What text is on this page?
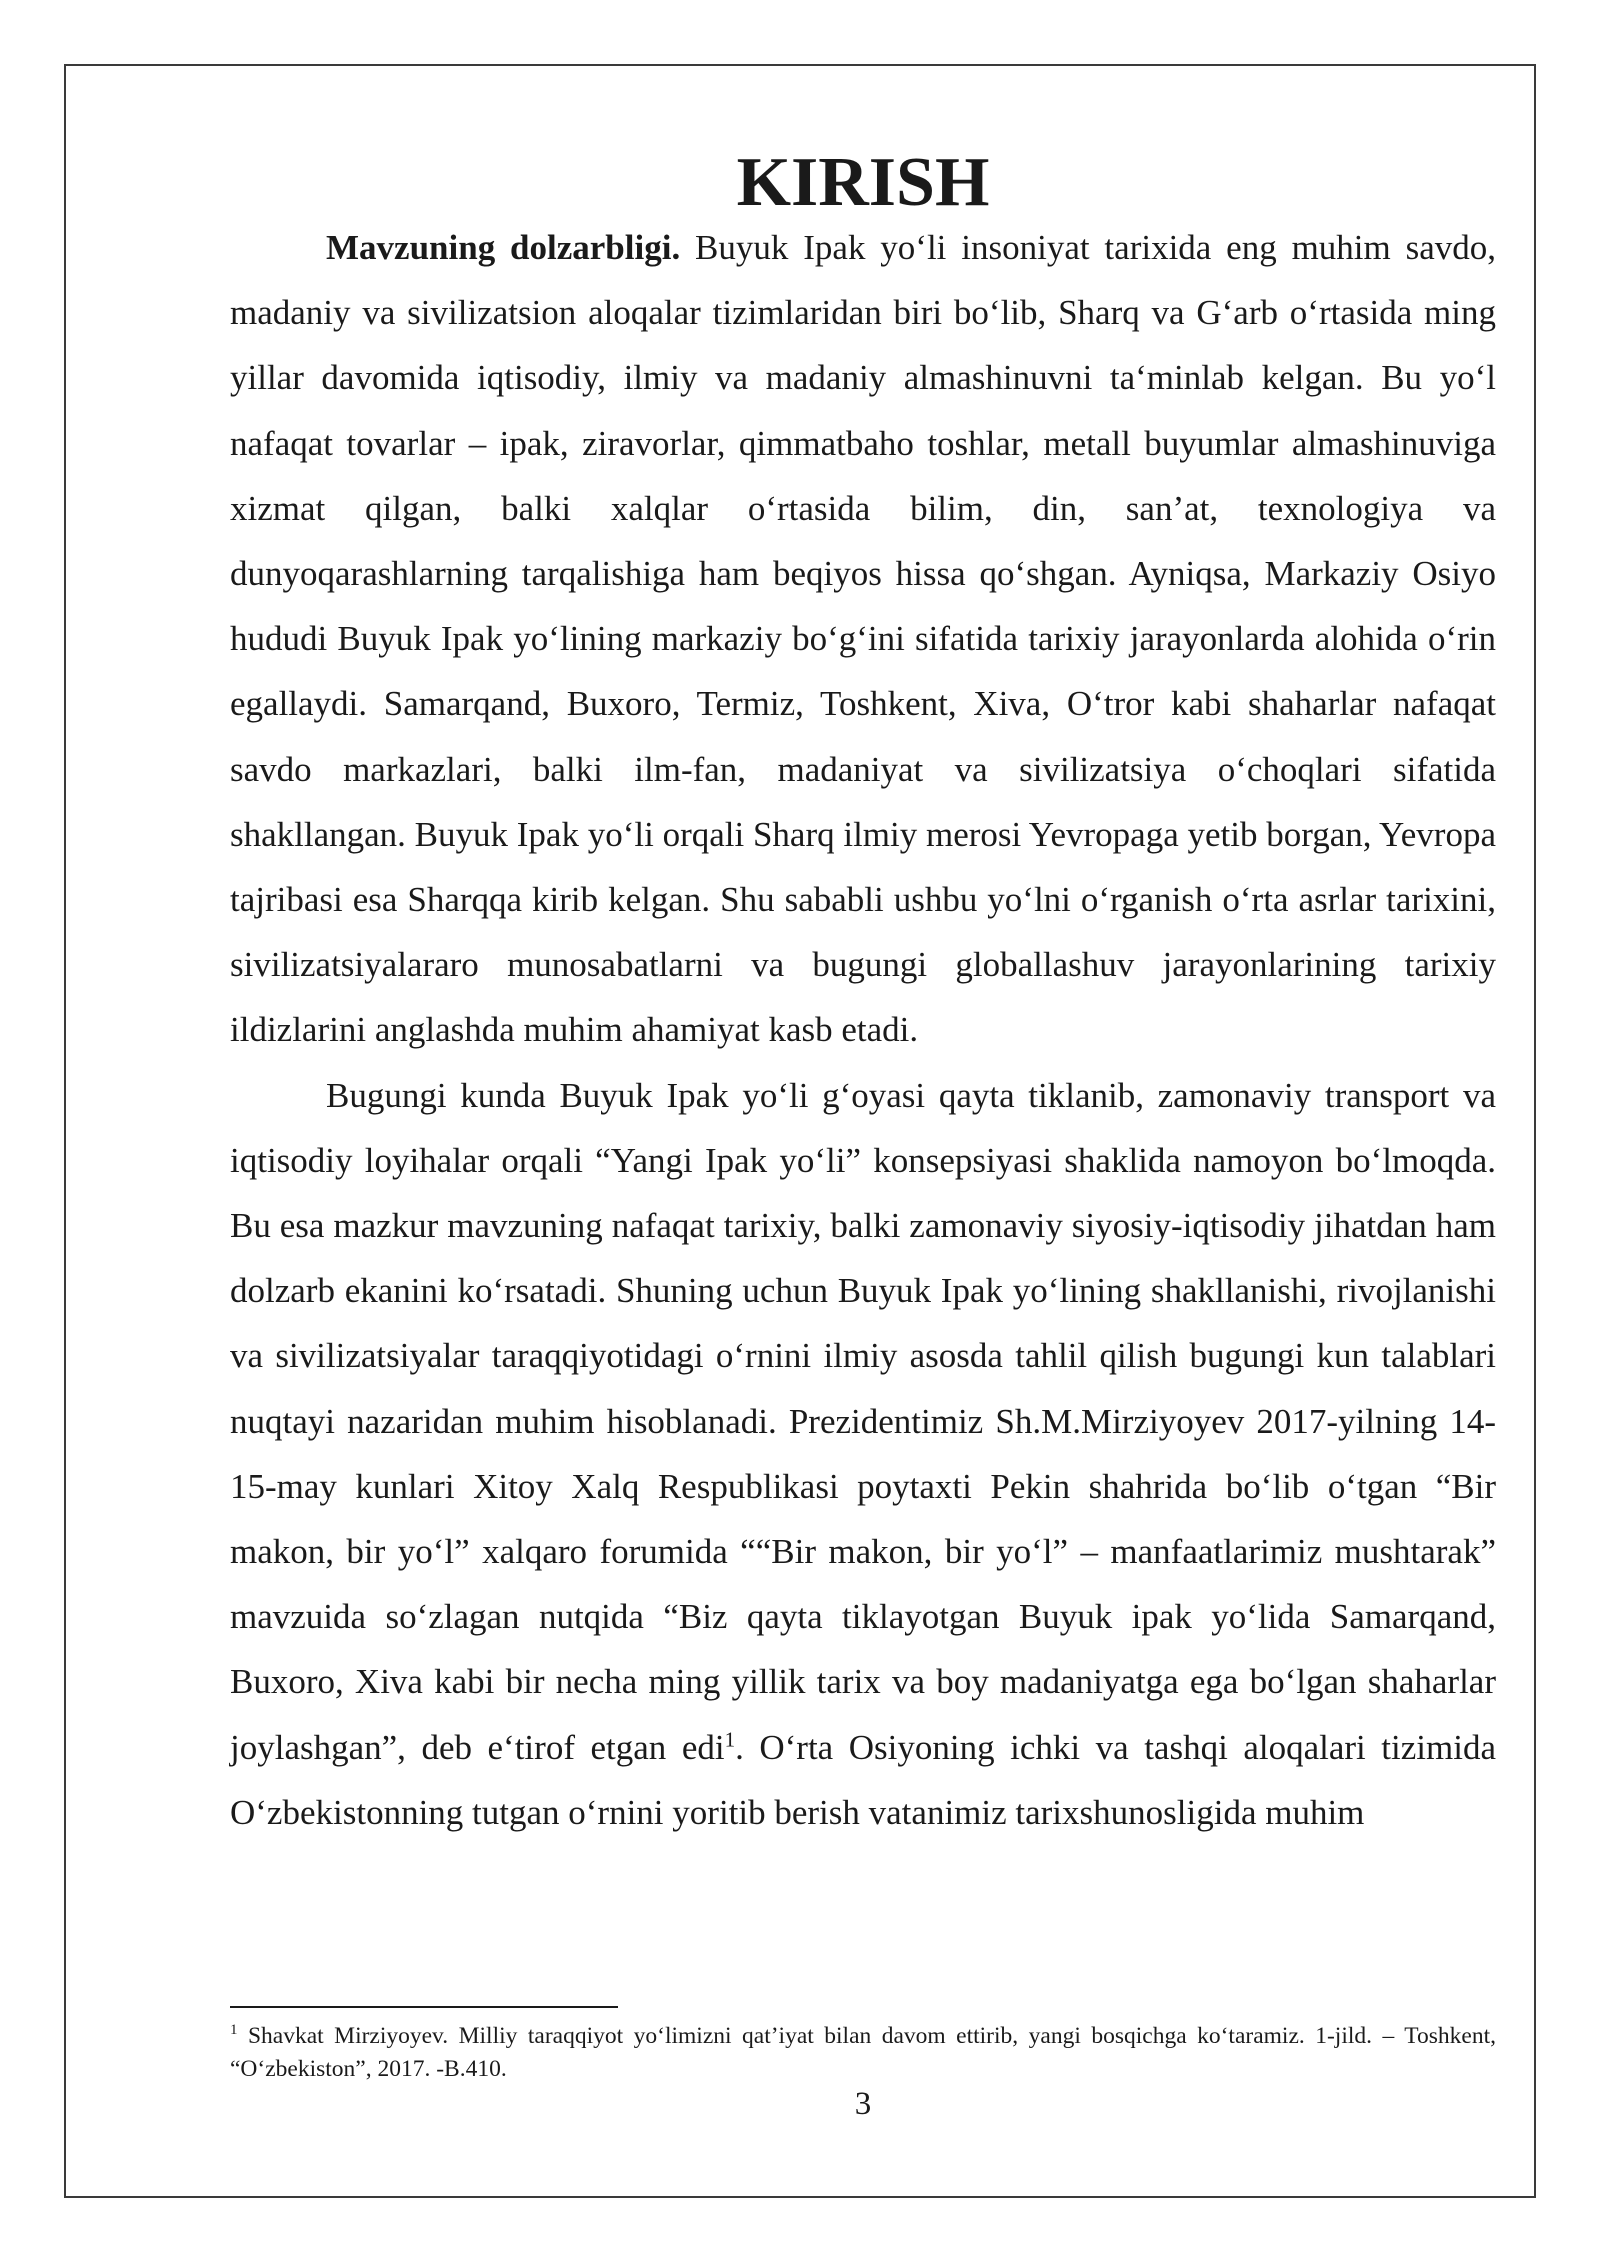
KIRISH

Mavzuning dolzarbligi. Buyuk Ipak yo‘li insoniyat tarixida eng muhim savdo, madaniy va sivilizatsion aloqalar tizimlaridan biri bo‘lib, Sharq va G‘arb o‘rtasida ming yillar davomida iqtisodiy, ilmiy va madaniy almashinuvni ta‘minlab kelgan. Bu yo‘l nafaqat tovarlar – ipak, ziravorlar, qimmatbaho toshlar, metall buyumlar almashinuviga xizmat qilgan, balki xalqlar o‘rtasida bilim, din, san’at, texnologiya va dunyoqarashlarning tarqalishiga ham beqiyos hissa qo‘shgan. Ayniqsa, Markaziy Osiyo hududi Buyuk Ipak yo‘lining markaziy bo‘g‘ini sifatida tarixiy jarayonlarda alohida o‘rin egallaydi. Samarqand, Buxoro, Termiz, Toshkent, Xiva, O‘tror kabi shaharlar nafaqat savdo markazlari, balki ilm-fan, madaniyat va sivilizatsiya o‘choqlari sifatida shakllangan. Buyuk Ipak yo‘li orqali Sharq ilmiy merosi Yevropaga yetib borgan, Yevropa tajribasi esa Sharqqa kirib kelgan. Shu sababli ushbu yo‘lni o‘rganish o‘rta asrlar tarixini, sivilizatsiyalararo munosabatlarni va bugungi globallashuv jarayonlarining tarixiy ildizlarini anglashda muhim ahamiyat kasb etadi.

Bugungi kunda Buyuk Ipak yo‘li g‘oyasi qayta tiklanib, zamonaviy transport va iqtisodiy loyihalar orqali “Yangi Ipak yo‘li” konsepsiyasi shaklida namoyon bo‘lmoqda. Bu esa mazkur mavzuning nafaqat tarixiy, balki zamonaviy siyosiy-iqtisodiy jihatdan ham dolzarb ekanini ko‘rsatadi. Shuning uchun Buyuk Ipak yo‘lining shakllanishi, rivojlanishi va sivilizatsiyalar taraqqiyotidagi o‘rnini ilmiy asosda tahlil qilish bugungi kun talablari nuqtayi nazaridan muhim hisoblanadi. Prezidentimiz Sh.M.Mirziyoyev 2017-yilning 14-15-may kunlari Xitoy Xalq Respublikasi poytaxti Pekin shahrida bo‘lib o‘tgan “Bir makon, bir yo‘l” xalqaro forumida ““Bir makon, bir yo‘l” – manfaatlarimiz mushtarak” mavzuida so‘zlagan nutqida “Biz qayta tiklayotgan Buyuk ipak yo‘lida Samarqand, Buxoro, Xiva kabi bir necha ming yillik tarix va boy madaniyatga ega bo‘lgan shaharlar joylashgan”, deb e‘tirof etgan edi$^1$. O‘rta Osiyoning ichki va tashqi aloqalari tizimida O‘zbekistonning tutgan o‘rnini yoritib berish vatanimiz tarixshunosligida muhim

$^1$ Shavkat Mirziyoyev. Milliy taraqqiyot yo‘limizni qat’iyat bilan davom ettirib, yangi bosqichga ko‘taramiz. 1-jild. – Toshkent, “O‘zbekiston”, 2017. -B.410.
3
